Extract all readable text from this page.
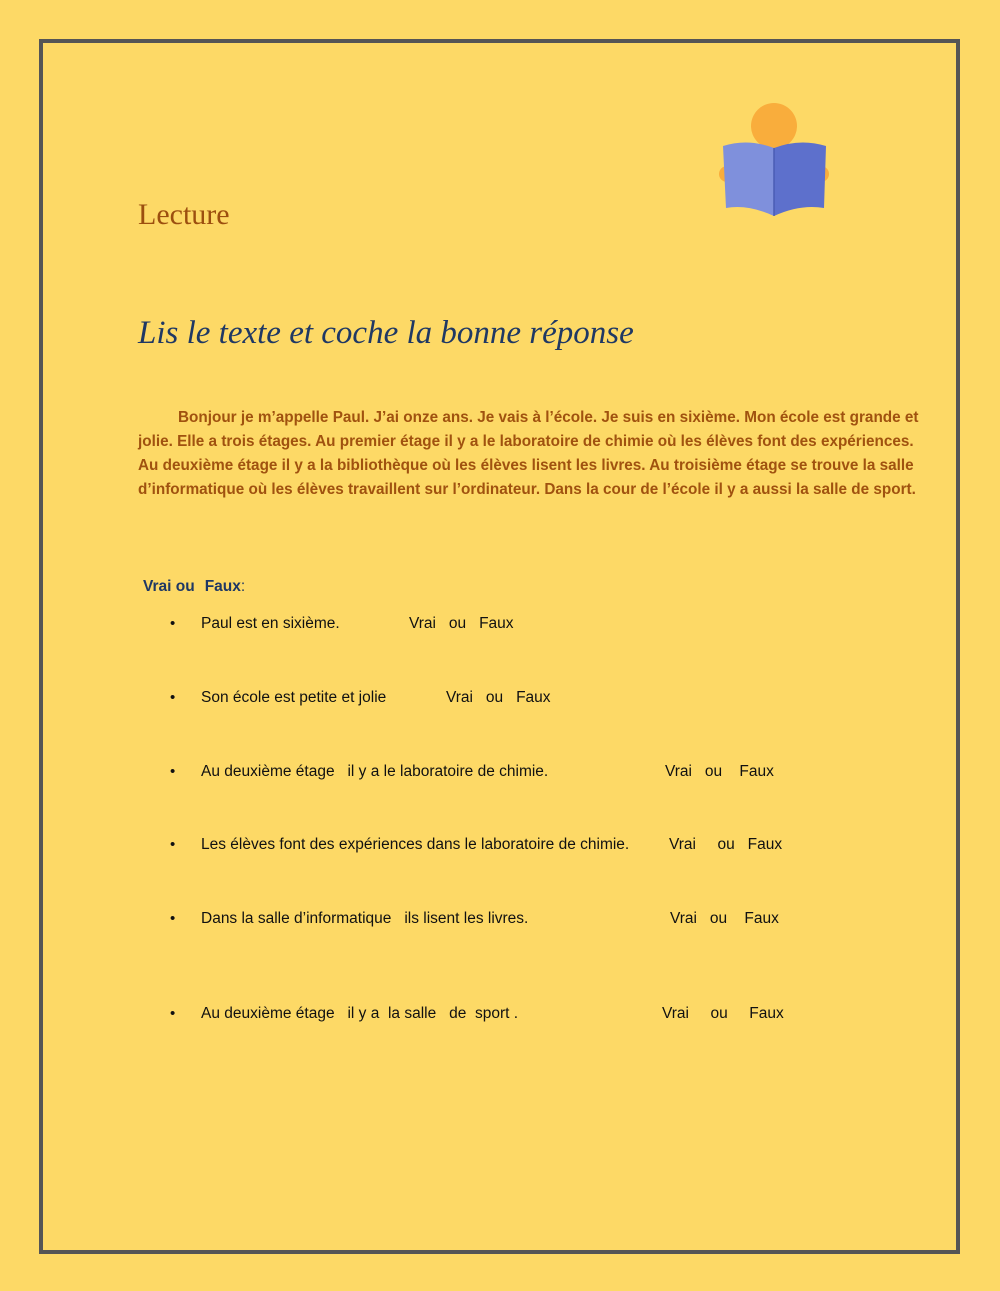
Lecture
Lis le texte et coche la bonne réponse

Bonjour je m’appelle Paul. J’ai onze ans. Je vais à l’école. Je suis en sixième. Mon école est grande et jolie. Elle a trois étages. Au premier étage il y a le laboratoire de chimie où les élèves font des expériences. Au deuxième étage il y a la bibliothèque où les élèves lisent les livres. Au troisième étage se trouve la salle d’informatique où les élèves travaillent sur l’ordinateur. Dans la cour de l’école il y a aussi la salle de sport.

Vrai ou Faux:
• Paul est en sixième.	Vrai   ou   Faux
• Son école est petite et jolie	Vrai   ou   Faux
• Au deuxième étage   il y a le laboratoire de chimie.	Vrai   ou    Faux
• Les élèves font des expériences dans le laboratoire de chimie.	Vrai     ou   Faux
• Dans la salle d’informatique   ils lisent les livres.	Vrai   ou    Faux
• Au deuxième étage   il y a  la salle   de  sport .	Vrai     ou     Faux
